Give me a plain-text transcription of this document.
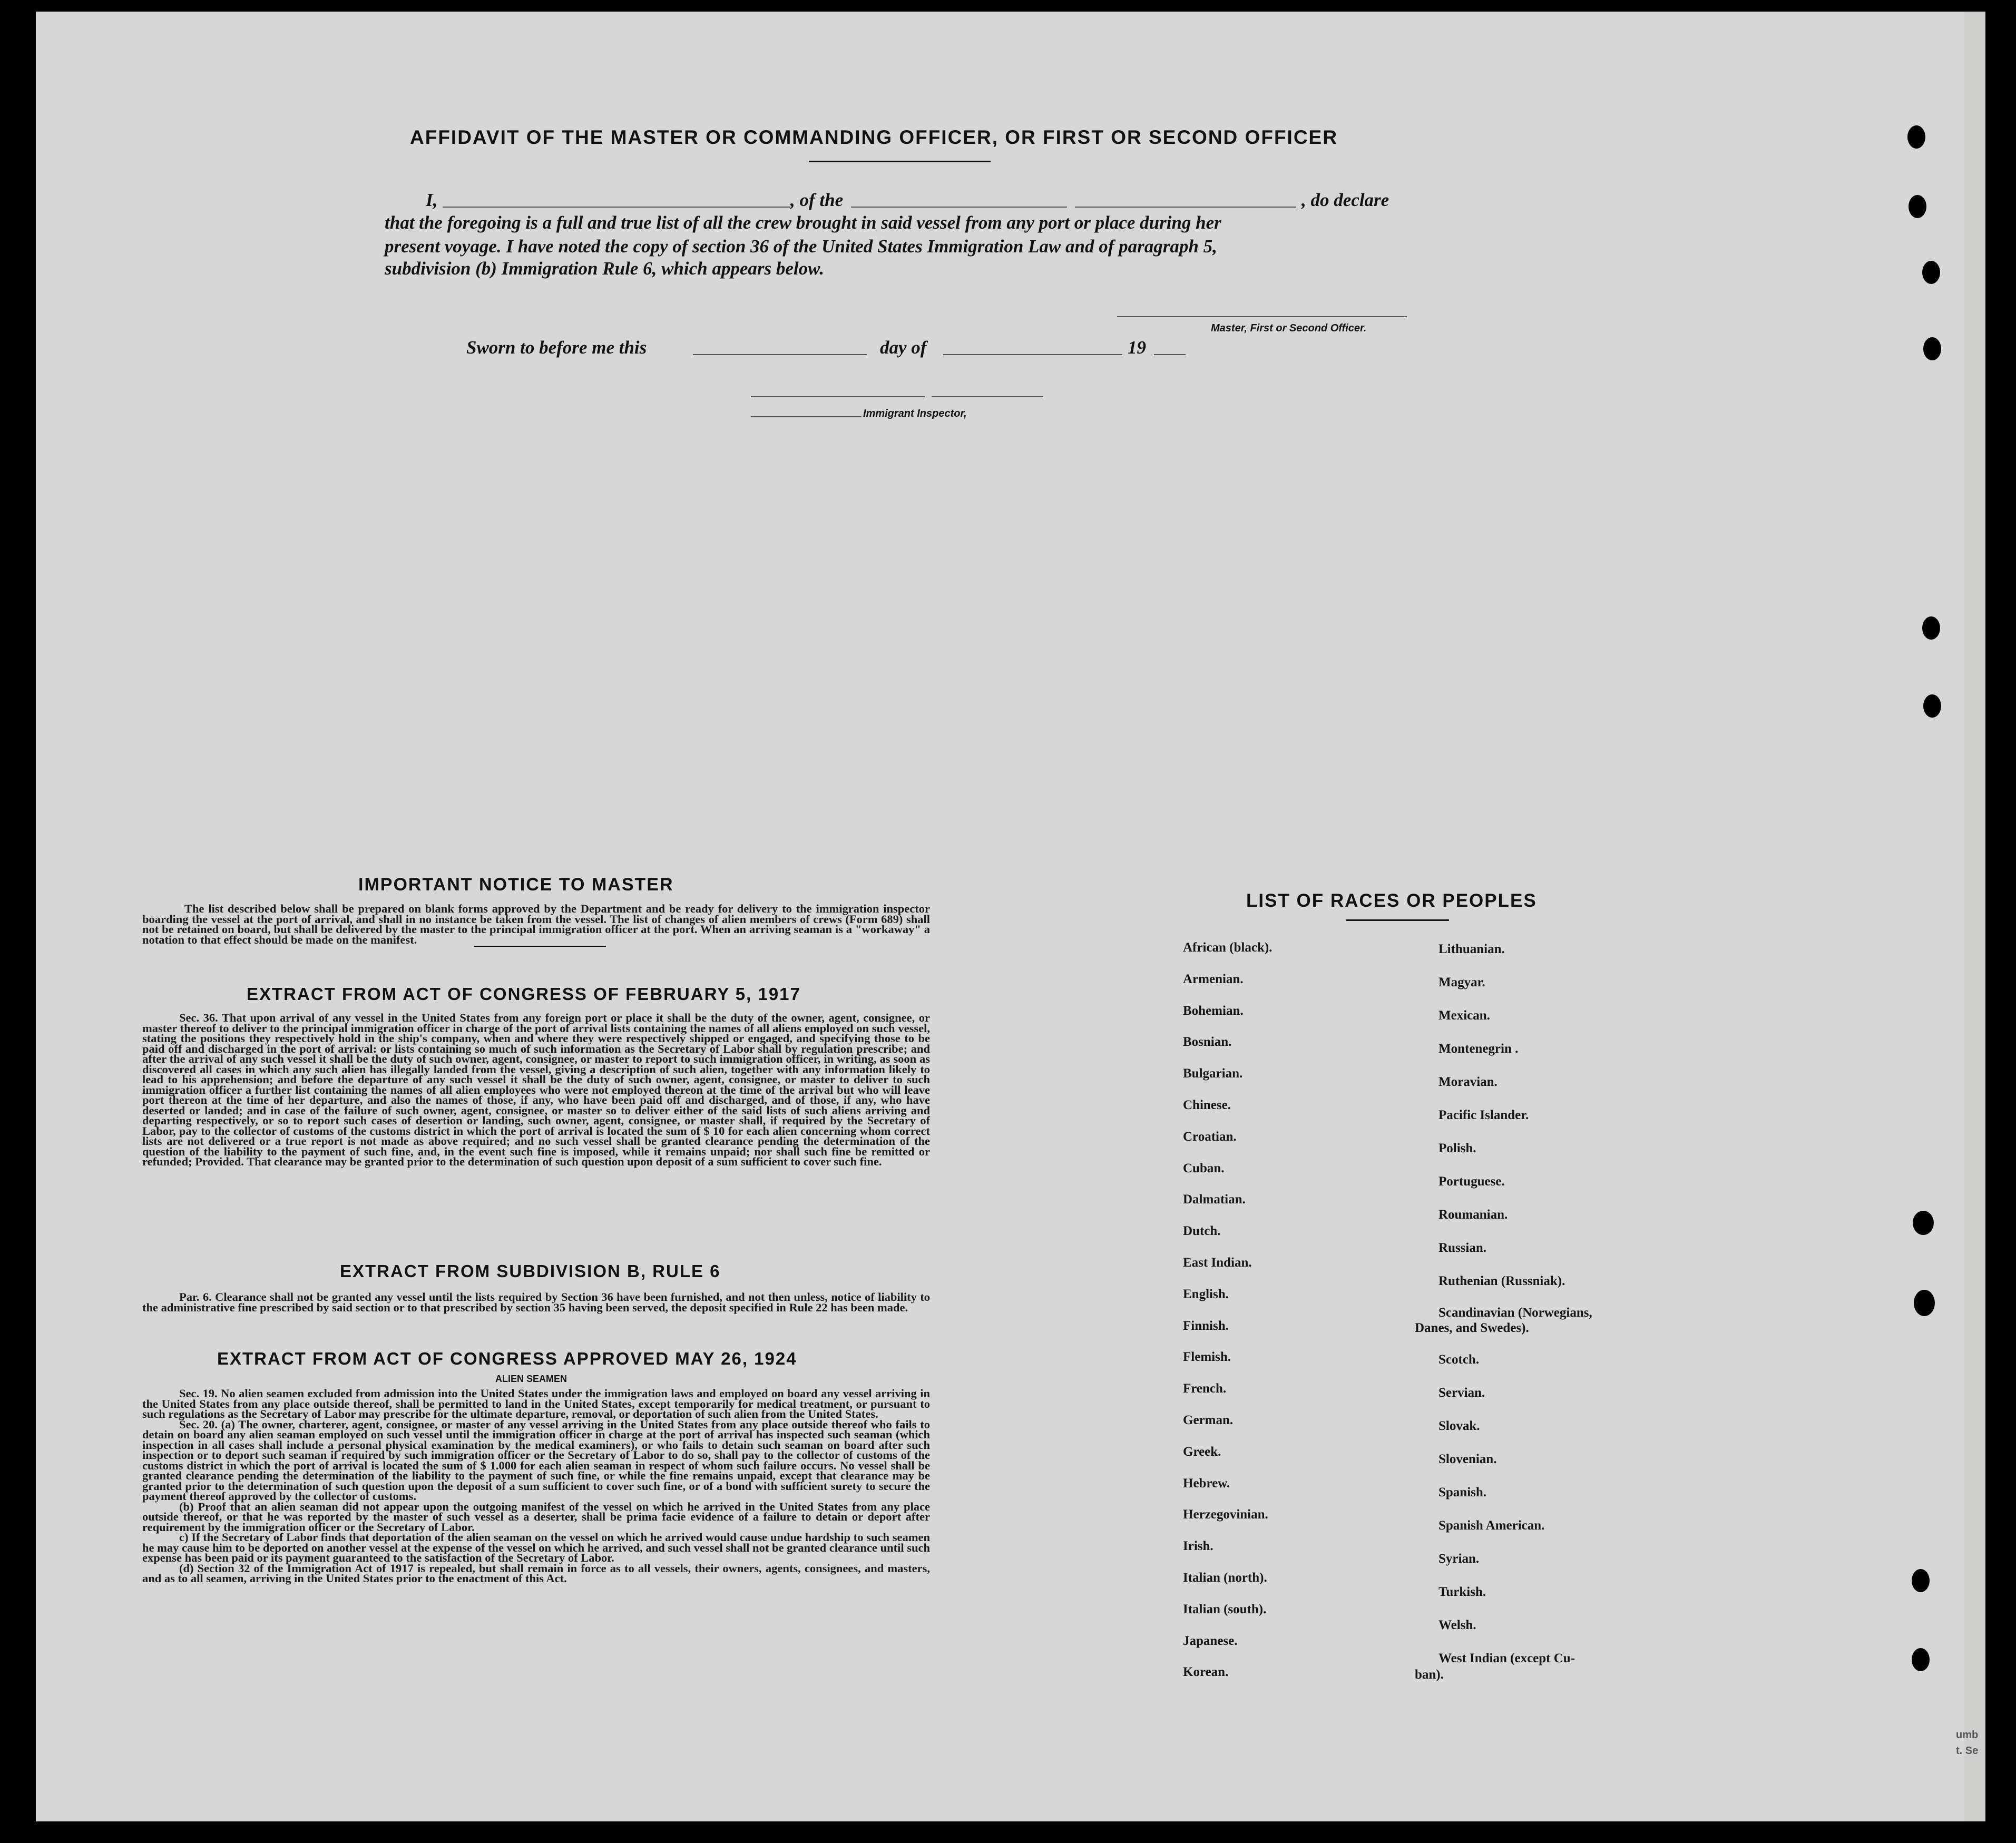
AFFIDAVIT OF THE MASTER OR COMMANDING OFFICER, OR FIRST OR SECOND OFFICER
I,	, of the	, do declare
that the foregoing is a full and true list of all the crew brought in said vessel from any port or place during her
present voyage. I have noted the copy of section 36 of the United States Immigration Law and of paragraph 5,
subdivision (b) Immigration Rule 6, which appears below.
Master, First or Second Officer.
Sworn to before me this	day of	19
Immigrant Inspector,
IMPORTANT NOTICE TO MASTER
The list described below shall be prepared on blank forms approved by the Department and be ready for delivery to the immigration inspector boarding the vessel at the port of arrival, and shall in no instance be taken from the vessel. The list of changes of alien members of crews (Form 689) shall not be retained on board, but shall be delivered by the master to the principal immigration officer at the port. When an arriving seaman is a "workaway" a notation to that effect should be made on the manifest.
EXTRACT FROM ACT OF CONGRESS OF FEBRUARY 5, 1917
Sec. 36. That upon arrival of any vessel in the United States from any foreign port or place it shall be the duty of the owner, agent, consignee, or master thereof to deliver to the principal immigration officer in charge of the port of arrival lists containing the names of all aliens employed on such vessel, stating the positions they respectively hold in the ship's company, when and where they were respectively shipped or engaged, and specifying those to be paid off and discharged in the port of arrival: or lists containing so much of such information as the Secretary of Labor shall by regulation prescribe; and after the arrival of any such vessel it shall be the duty of such owner, agent, consignee, or master to report to such immigration officer, in writing, as soon as discovered all cases in which any such alien has illegally landed from the vessel, giving a description of such alien, together with any information likely to lead to his apprehension; and before the departure of any such vessel it shall be the duty of such owner, agent, consignee, or master to deliver to such immigration officer a further list containing the names of all alien employees who were not employed thereon at the time of the arrival but who will leave port thereon at the time of her departure, and also the names of those, if any, who have been paid off and discharged, and of those, if any, who have deserted or landed; and in case of the failure of such owner, agent, consignee, or master so to deliver either of the said lists of such aliens arriving and departing respectively, or so to report such cases of desertion or landing, such owner, agent, consignee, or master shall, if required by the Secretary of Labor, pay to the collector of customs of the customs district in which the port of arrival is located the sum of $ 10 for each alien concerning whom correct lists are not delivered or a true report is not made as above required; and no such vessel shall be granted clearance pending the determination of the question of the liability to the payment of such fine, and, in the event such fine is imposed, while it remains unpaid; nor shall such fine be remitted or refunded; Provided. That clearance may be granted prior to the determination of such question upon deposit of a sum sufficient to cover such fine.
EXTRACT FROM SUBDIVISION B, RULE 6
Par. 6. Clearance shall not be granted any vessel until the lists required by Section 36 have been furnished, and not then unless, notice of liability to the administrative fine prescribed by said section or to that prescribed by section 35 having been served, the deposit specified in Rule 22 has been made.
EXTRACT FROM ACT OF CONGRESS APPROVED MAY 26, 1924
ALIEN SEAMEN

Sec. 19. No alien seamen excluded from admission into the United States under the immigration laws and employed on board any vessel arriving in the United States from any place outside thereof, shall be permitted to land in the United States, except temporarily for medical treatment, or pursuant to such regulations as the Secretary of Labor may prescribe for the ultimate departure, removal, or deportation of such alien from the United States.

Sec. 20. (a) The owner, charterer, agent, consignee, or master of any vessel arriving in the United States from any place outside thereof who fails to detain on board any alien seaman employed on such vessel until the immigration officer in charge at the port of arrival has inspected such seaman (which inspection in all cases shall include a personal physical examination by the medical examiners), or who fails to detain such seaman on board after such inspection or to deport such seaman if required by such immigration officer or the Secretary of Labor to do so, shall pay to the collector of customs of the customs district in which the port of arrival is located the sum of $ 1.000 for each alien seaman in respect of whom such failure occurs. No vessel shall be granted clearance pending the determination of the liability to the payment of such fine, or while the fine remains unpaid, except that clearance may be granted prior to the determination of such question upon the deposit of a sum sufficient to cover such fine, or of a bond with sufficient surety to secure the payment thereof approved by the collector of customs.

(b) Proof that an alien seaman did not appear upon the outgoing manifest of the vessel on which he arrived in the United States from any place outside thereof, or that he was reported by the master of such vessel as a deserter, shall be prima facie evidence of a failure to detain or deport after requirement by the immigration officer or the Secretary of Labor.

c) If the Secretary of Labor finds that deportation of the alien seaman on the vessel on which he arrived would cause undue hardship to such seamen he may cause him to be deported on another vessel at the expense of the vessel on which he arrived, and such vessel shall not be granted clearance until such expense has been paid or its payment guaranteed to the satisfaction of the Secretary of Labor.

(d) Section 32 of the Immigration Act of 1917 is repealed, but shall remain in force as to all vessels, their owners, agents, consignees, and masters, and as to all seamen, arriving in the United States prior to the enactment of this Act.

LIST OF RACES OR PEOPLES
umb
t. Se
African (black).
Armenian.
Bohemian.
Bosnian.
Bulgarian.
Chinese.
Croatian.
Cuban.
Dalmatian.
Dutch.
East Indian.
English.
Finnish.
Flemish.
French.
German.
Greek.
Hebrew.
Herzegovinian.
Irish.
Italian (north).
Italian (south).
Japanese.
Korean.
Lithuanian.
Magyar.
Mexican.
Montenegrin .
Moravian.
Pacific Islander.
Polish.
Portuguese.
Roumanian.
Russian.
Ruthenian (Russniak).
Scandinavian (Norwegians,
Danes, and Swedes).
Scotch.
Servian.
Slovak.
Slovenian.
Spanish.
Spanish American.
Syrian.
Turkish.
Welsh.
West Indian (except Cu-
ban).
